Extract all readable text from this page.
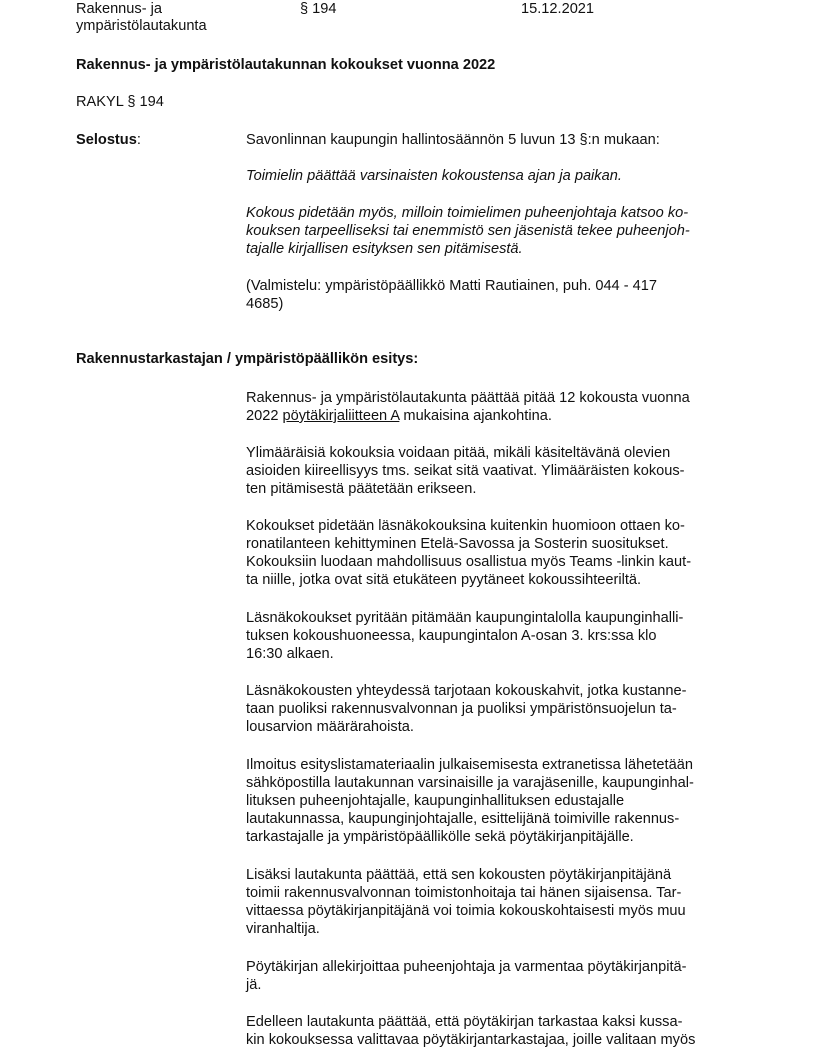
Rakennus- ja
ympäristölautakunta
§ 194	15.12.2021
Rakennus- ja ympäristölautakunnan kokoukset vuonna 2022
RAKYL § 194
Selostus:	Savonlinnan kaupungin hallintosäännön 5 luvun 13 §:n mukaan:
Toimielin päättää varsinaisten kokoustensa ajan ja paikan.
Kokous pidetään myös, milloin toimielimen puheenjohtaja katsoo ko-
kouksen tarpeelliseksi tai enemmistö sen jäsenistä tekee puheenjoh-
tajalle kirjallisen esityksen sen pitämisestä.
(Valmistelu: ympäristöpäällikkö Matti Rautiainen, puh. 044 - 417
4685)
Rakennustarkastajan / ympäristöpäällikön esitys:
Rakennus- ja ympäristölautakunta päättää pitää 12 kokousta vuonna
2022 pöytäkirjaliitteen A mukaisina ajankohtina.
Ylimääräisiä kokouksia voidaan pitää, mikäli käsiteltävänä olevien
asioiden kiireellisyys tms. seikat sitä vaativat. Ylimääräisten kokous-
ten pitämisestä päätetään erikseen.
Kokoukset pidetään läsnäkokouksina kuitenkin huomioon ottaen ko-
ronatilanteen kehittyminen Etelä-Savossa ja Sosterin suositukset.
Kokouksiin luodaan mahdollisuus osallistua myös Teams -linkin kaut-
ta niille, jotka ovat sitä etukäteen pyytäneet kokoussihteeriltä.
Läsnäkokoukset pyritään pitämään kaupungintalolla kaupunginhalli-
tuksen kokoushuoneessa, kaupungintalon A-osan 3. krs:ssa klo
16:30 alkaen.
Läsnäkokousten yhteydessä tarjotaan kokouskahvit, jotka kustanne-
taan puoliksi rakennusvalvonnan ja puoliksi ympäristönsuojelun ta-
lousarvion määrärahoista.
Ilmoitus esityslistamateriaalin julkaisemisesta extranetissa lähetetään
sähköpostilla lautakunnan varsinaisille ja varajäsenille, kaupunginhal-
lituksen puheenjohtajalle, kaupunginhallituksen edustajalle
lautakunnassa, kaupunginjohtajalle, esittelijänä toimiville rakennus-
tarkastajalle ja ympäristöpäällikölle sekä pöytäkirjanpitäjälle.
Lisäksi lautakunta päättää, että sen kokousten pöytäkirjanpitäjänä
toimii rakennusvalvonnan toimistonhoitaja tai hänen sijaisensa. Tar-
vittaessa pöytäkirjanpitäjänä voi toimia kokouskohtaisesti myös muu
viranhaltija.
Pöytäkirjan allekirjoittaa puheenjohtaja ja varmentaa pöytäkirjanpitä-
jä.
Edelleen lautakunta päättää, että pöytäkirjan tarkastaa kaksi kussa-
kin kokouksessa valittavaa pöytäkirjantarkastajaa, joille valitaan myös
